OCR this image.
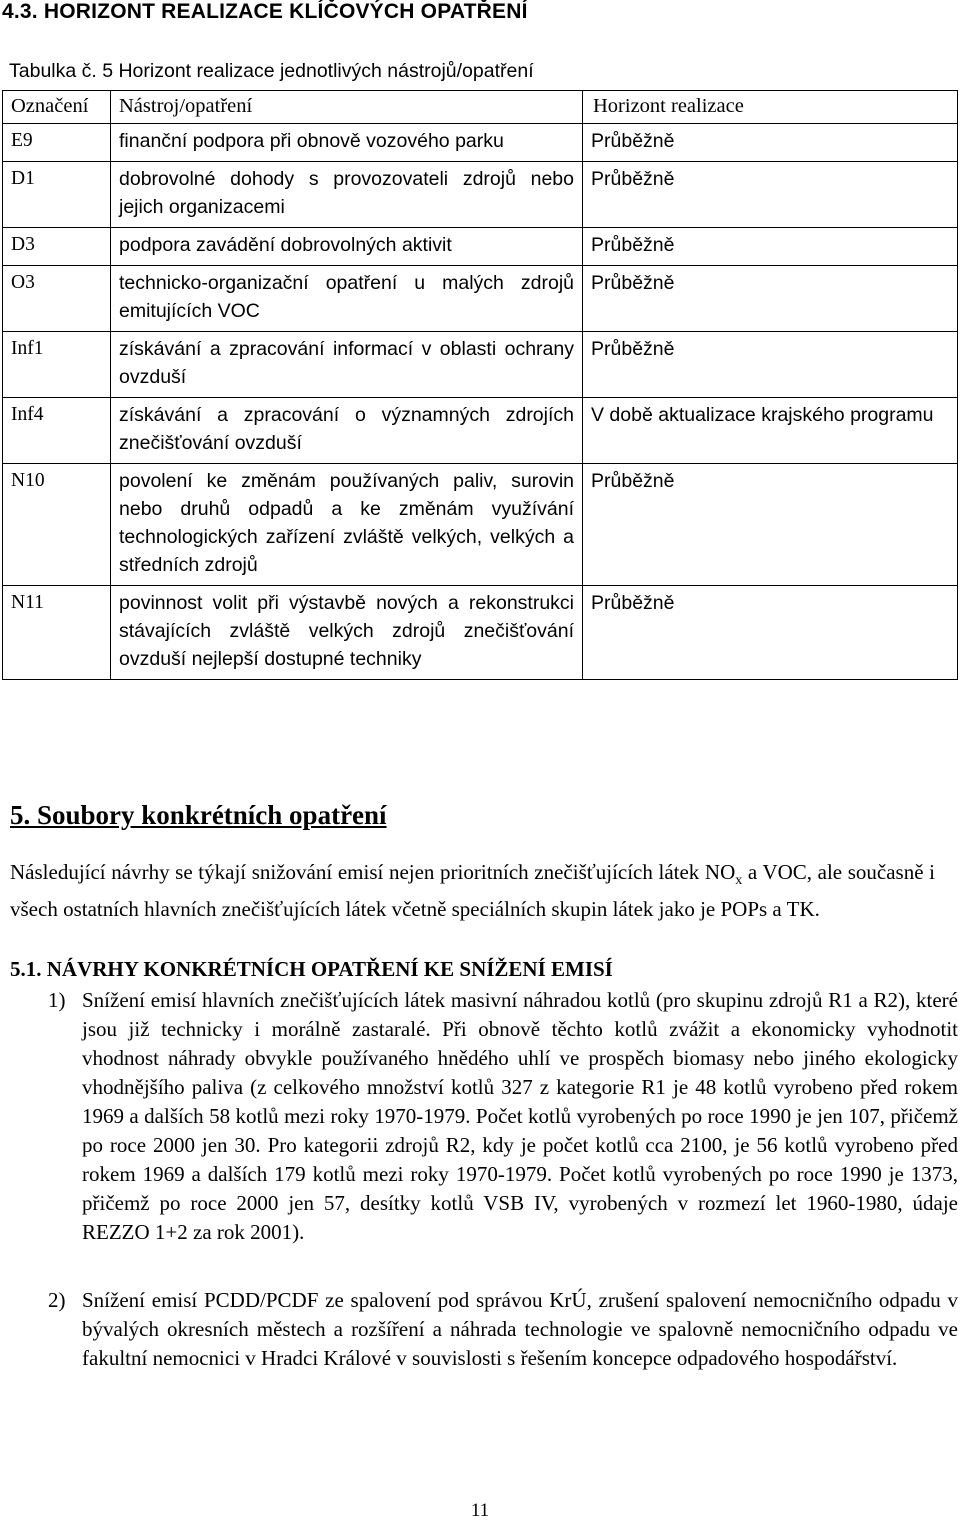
4.3. HORIZONT REALIZACE KLÍČOVÝCH OPATŘENÍ
Tabulka č. 5 Horizont realizace jednotlivých nástrojů/opatření
Označení	Nástroj/opatření	Horizont realizace
E9	finanční podpora při obnově vozového parku	Průběžně
D1	dobrovolné dohody s provozovateli zdrojů nebo jejich organizacemi	Průběžně
D3	podpora zavádění dobrovolných aktivit	Průběžně
O3	technicko-organizační opatření u malých zdrojů emitujících VOC	Průběžně
Inf1	získávání a zpracování informací v oblasti ochrany ovzduší	Průběžně
Inf4	získávání a zpracování o významných zdrojích znečišťování ovzduší	V době aktualizace krajského programu
N10	povolení ke změnám používaných paliv, surovin nebo druhů odpadů a ke změnám využívání technologických zařízení zvláště velkých, velkých a středních zdrojů	Průběžně
N11	povinnost volit při výstavbě nových a rekonstrukci stávajících zvláště velkých zdrojů znečišťování ovzduší nejlepší dostupné techniky	Průběžně
5. Soubory konkrétních opatření
Následující návrhy se týkají snižování emisí nejen prioritních znečišťujících látek $NO_x$ a VOC, ale současně i všech ostatních hlavních znečišťujících látek včetně speciálních skupin látek jako je POPs a TK.
5.1. NÁVRHY KONKRÉTNÍCH OPATŘENÍ KE SNÍŽENÍ EMISÍ
1) Snížení emisí hlavních znečišťujících látek masivní náhradou kotlů (pro skupinu zdrojů R1 a R2), které jsou již technicky i morálně zastaralé. Při obnově těchto kotlů zvážit a ekonomicky vyhodnotit vhodnost náhrady obvykle používaného hnědého uhlí ve prospěch biomasy nebo jiného ekologicky vhodnějšího paliva (z celkového množství kotlů 327 z kategorie R1 je 48 kotlů vyrobeno před rokem 1969 a dalších 58 kotlů mezi roky 1970-1979. Počet kotlů vyrobených po roce 1990 je jen 107, přičemž po roce 2000 jen 30. Pro kategorii zdrojů R2, kdy je počet kotlů cca 2100, je 56 kotlů vyrobeno před rokem 1969 a dalších 179 kotlů mezi roky 1970-1979. Počet kotlů vyrobených po roce 1990 je 1373, přičemž po roce 2000 jen 57, desítky kotlů VSB IV, vyrobených v rozmezí let 1960-1980, údaje REZZO 1+2 za rok 2001).
2) Snížení emisí PCDD/PCDF ze spalovení pod správou KrÚ, zrušení spalovení nemocničního odpadu v bývalých okresních městech a rozšíření a náhrada technologie ve spalovně nemocničního odpadu ve fakultní nemocnici v Hradci Králové v souvislosti s řešením koncepce odpadového hospodářství.
11
